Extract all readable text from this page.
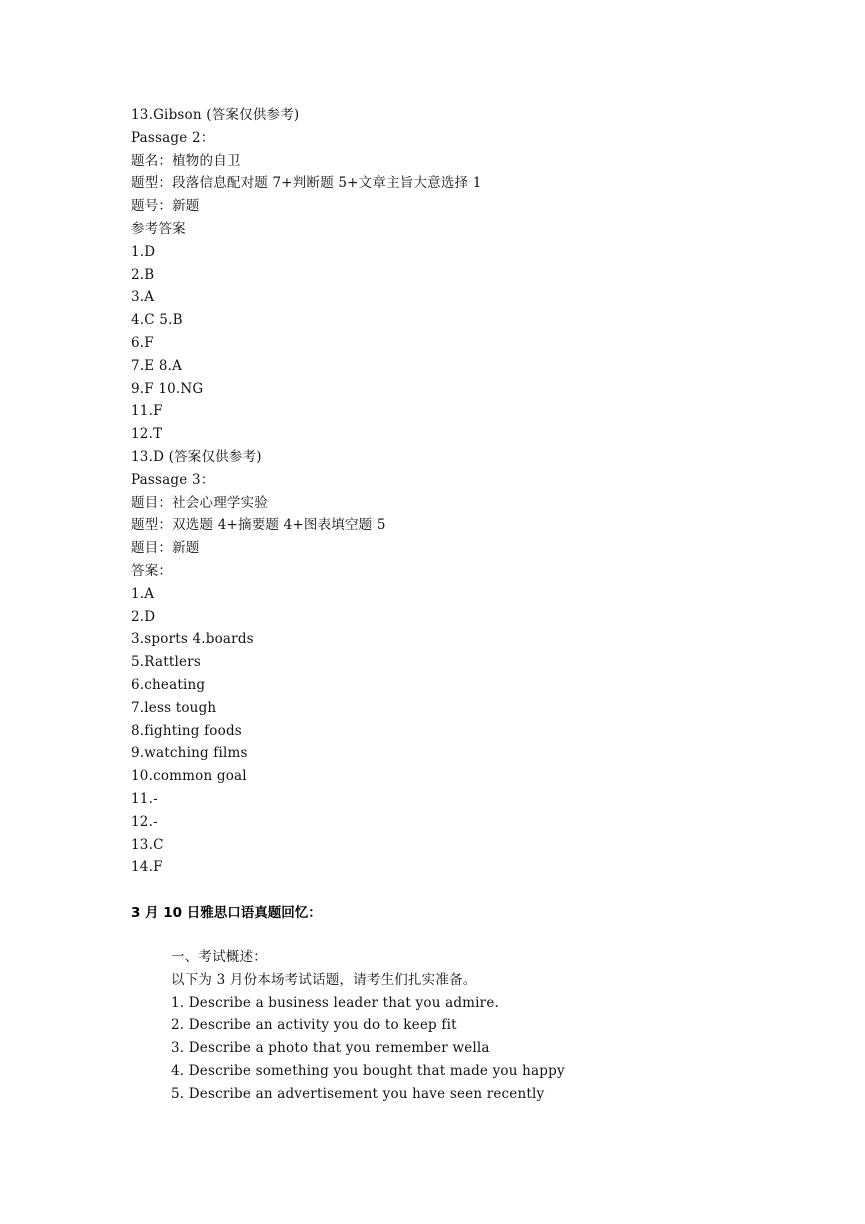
13.Gibson (答案仅供参考)
Passage 2：
题名：植物的自卫
题型：段落信息配对题 7+判断题 5+文章主旨大意选择 1
题号：新题
参考答案
1.D
2.B
3.A
4.C 5.B
6.F
7.E 8.A
9.F 10.NG
11.F
12.T
13.D (答案仅供参考)
Passage 3：
题目：社会心理学实验
题型：双选题 4+摘要题 4+图表填空题 5
题目：新题
答案：
1.A
2.D
3.sports 4.boards
5.Rattlers
6.cheating
7.less tough
8.fighting foods
9.watching films
10.common goal
11.-
12.-
13.C
14.F
3 月 10 日雅思口语真题回忆：
一、考试概述：
以下为 3 月份本场考试话题，请考生们扎实准备。
1. Describe a business leader that you admire.
2. Describe an activity you do to keep fit
3. Describe a photo that you remember wella
4. Describe something you bought that made you happy
5. Describe an advertisement you have seen recently
